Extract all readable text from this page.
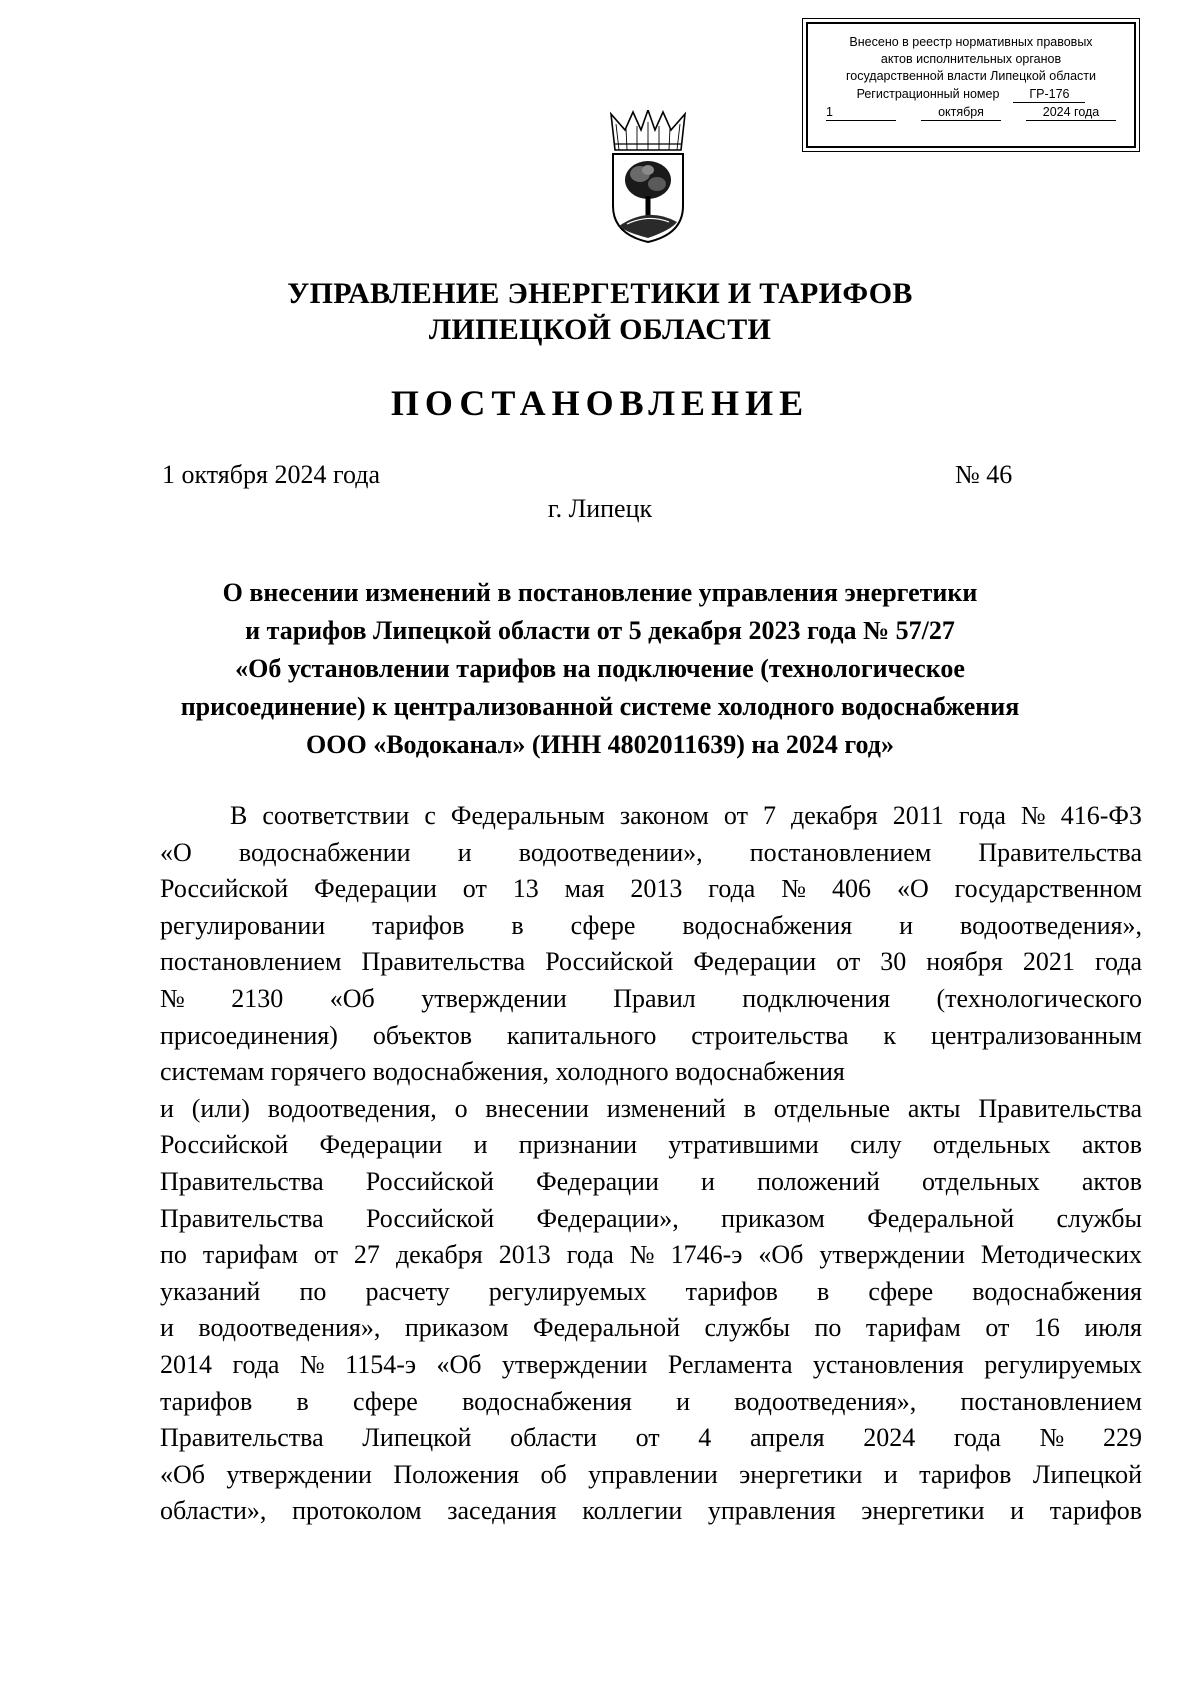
Внесено в реестр нормативных правовых
актов исполнительных органов
государственной власти Липецкой области
Регистрационный номер	ГР-176
1	октября	2024 года
УПРАВЛЕНИЕ ЭНЕРГЕТИКИ И ТАРИФОВ
ЛИПЕЦКОЙ ОБЛАСТИ
ПОСТАНОВЛЕНИЕ
1 октября 2024 года	№ 46
г. Липецк
О внесении изменений в постановление управления энергетики
и тарифов Липецкой области от 5 декабря 2023 года № 57/27
«Об установлении тарифов на подключение (технологическое
присоединение) к централизованной системе холодного водоснабжения
ООО «Водоканал» (ИНН 4802011639) на 2024 год»
В соответствии с Федеральным законом от 7 декабря 2011 года № 416-ФЗ
«О водоснабжении и водоотведении», постановлением Правительства
Российской Федерации от 13 мая 2013 года № 406 «О государственном
регулировании тарифов в сфере водоснабжения и водоотведения»,
постановлением Правительства Российской Федерации от 30 ноября 2021 года
№ 2130 «Об утверждении Правил подключения (технологического
присоединения) объектов капитального строительства к централизованным
системам горячего водоснабжения, холодного водоснабжения
и (или) водоотведения, о внесении изменений в отдельные акты Правительства
Российской Федерации и признании утратившими силу отдельных актов
Правительства Российской Федерации и положений отдельных актов
Правительства Российской Федерации», приказом Федеральной службы
по тарифам от 27 декабря 2013 года № 1746-э «Об утверждении Методических
указаний по расчету регулируемых тарифов в сфере водоснабжения
и водоотведения», приказом Федеральной службы по тарифам от 16 июля
2014 года № 1154-э «Об утверждении Регламента установления регулируемых
тарифов в сфере водоснабжения и водоотведения», постановлением
Правительства Липецкой области от 4 апреля 2024 года № 229
«Об утверждении Положения об управлении энергетики и тарифов Липецкой
области», протоколом заседания коллегии управления энергетики и тарифов
